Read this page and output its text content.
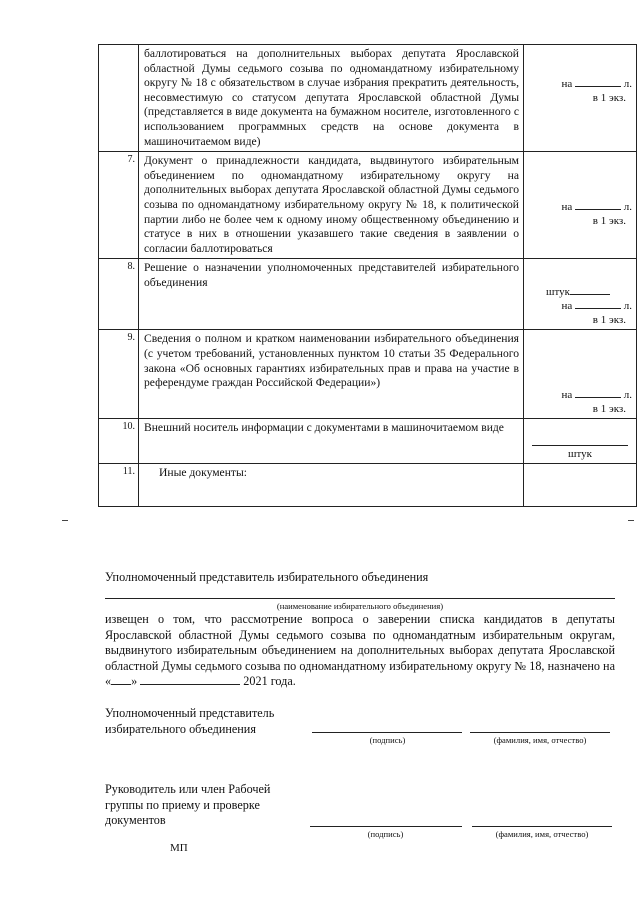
	баллотироваться на дополнительных выборах депутата Ярославской областной Думы седьмого созыва по одномандатному избирательному округу № 18 с обязательством в случае избрания прекратить деятельность, несовместимую со статусом депутата Ярославской областной Думы (представляется в виде документа на бумажном носителе, изготовленного с использованием программных средств на основе документа в машиночитаемом виде)	на л.
в 1 экз.

7.	Документ о принадлежности кандидата, выдвинутого избирательным объединением по одномандатному избирательному округу на дополнительных выборах депутата Ярославской областной Думы седьмого созыва по одномандатному избирательному округу № 18, к политической партии либо не более чем к одному иному общественному объединению и статусе в них в отношении указавшего такие сведения в заявлении о согласии баллотироваться	на л.
в 1 экз.

8.	Решение о назначении уполномоченных представителей избирательного объединения	штук
на л.
в 1 экз.

9.	Сведения о полном и кратком наименовании избирательного объединения (с учетом требований, установленных пунктом 10 статьи 35 Федерального закона «Об основных гарантиях избирательных прав и права на участие в референдуме граждан Российской Федерации»)	на л.
в 1 экз.

10.	Внешний носитель информации с документами в машиночитаемом виде	штук

11.	Иные документы:	
Уполномоченный представитель избирательного объединения
(наименование избирательного объединения)
извещен о том, что рассмотрение вопроса о заверении списка кандидатов в депутаты Ярославской областной Думы седьмого созыва по одномандатным избирательным округам, выдвинутого избирательным объединением на дополнительных выборах депутата Ярославской областной Думы седьмого созыва по одномандатному избирательному округу № 18, назначено на « »	2021 года.
Уполномоченный представитель
избирательного объединения
(подпись)	(фамилия, имя, отчество)
Руководитель или член Рабочей
группы по приему и проверке
документов
(подпись)	(фамилия, имя, отчество)
МП
